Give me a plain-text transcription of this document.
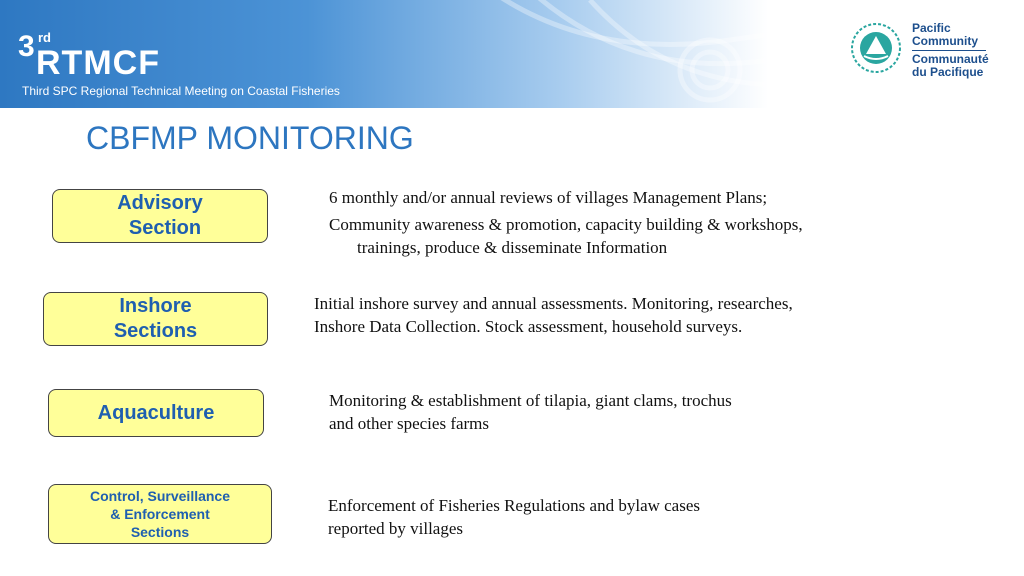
3 rd
RTMCF
Third SPC Regional Technical Meeting on Coastal Fisheries
Pacific
Community
Communauté
du Pacifique
CBFMP MONITORING
Advisory
Section
6 monthly and/or annual reviews of villages Management Plans;
Community awareness & promotion, capacity building & workshops,
trainings, produce & disseminate Information
Inshore
Sections
Initial inshore survey and annual assessments. Monitoring, researches,
Inshore Data Collection. Stock assessment, household surveys.
Aquaculture
Monitoring & establishment of tilapia, giant clams, trochus
and other species farms
Control, Surveillance
& Enforcement
Sections
Enforcement of Fisheries Regulations and bylaw cases
reported by villages
